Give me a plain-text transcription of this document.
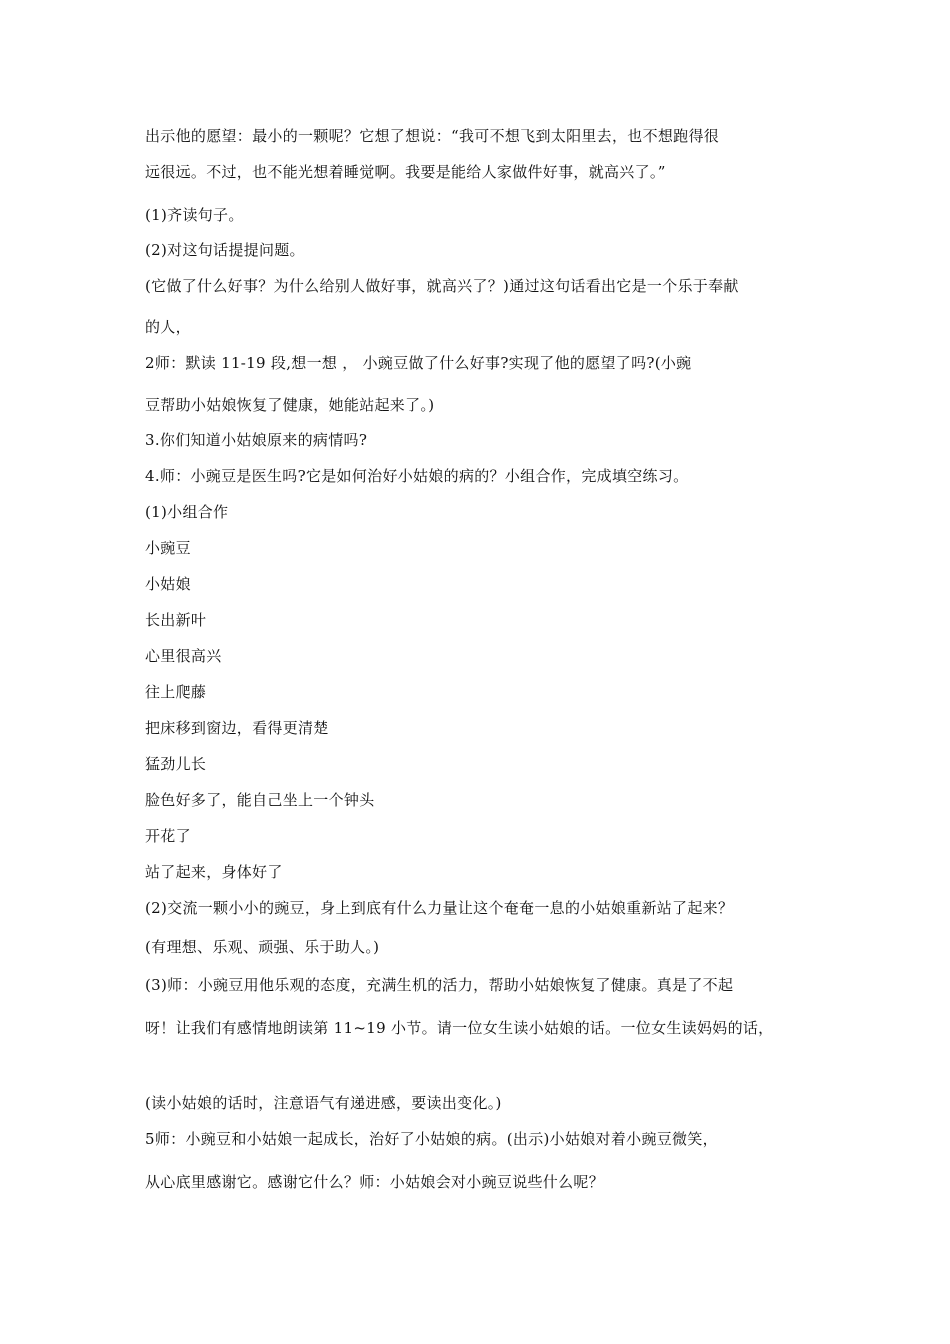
出示他的愿望：最小的一颗呢？它想了想说：“我可不想飞到太阳里去，也不想跑得很
远很远。不过，也不能光想着睡觉啊。我要是能给人家做件好事，就高兴了。”
(1)齐读句子。
(2)对这句话提提问题。
(它做了什么好事？为什么给别人做好事，就高兴了？)通过这句话看出它是一个乐于奉献
的人，
2师：默读 11-19 段,想一想 ， 小豌豆做了什么好事?实现了他的愿望了吗?(小豌
豆帮助小姑娘恢复了健康，她能站起来了。)
3.你们知道小姑娘原来的病情吗?
4.师：小豌豆是医生吗?它是如何治好小姑娘的病的？小组合作，完成填空练习。
(1)小组合作
小豌豆
小姑娘
长出新叶
心里很高兴
往上爬藤
把床移到窗边，看得更清楚
猛劲儿长
脸色好多了，能自己坐上一个钟头
开花了
站了起来，身体好了
(2)交流一颗小小的豌豆，身上到底有什么力量让这个奄奄一息的小姑娘重新站了起来？
(有理想、乐观、顽强、乐于助人。)
(3)师：小豌豆用他乐观的态度，充满生机的活力，帮助小姑娘恢复了健康。真是了不起
呀！让我们有感情地朗读第 11~19 小节。请一位女生读小姑娘的话。一位女生读妈妈的话，
(读小姑娘的话时，注意语气有递进感，要读出变化。)
5师：小豌豆和小姑娘一起成长，治好了小姑娘的病。(出示)小姑娘对着小豌豆微笑，
从心底里感谢它。感谢它什么？师：小姑娘会对小豌豆说些什么呢？
